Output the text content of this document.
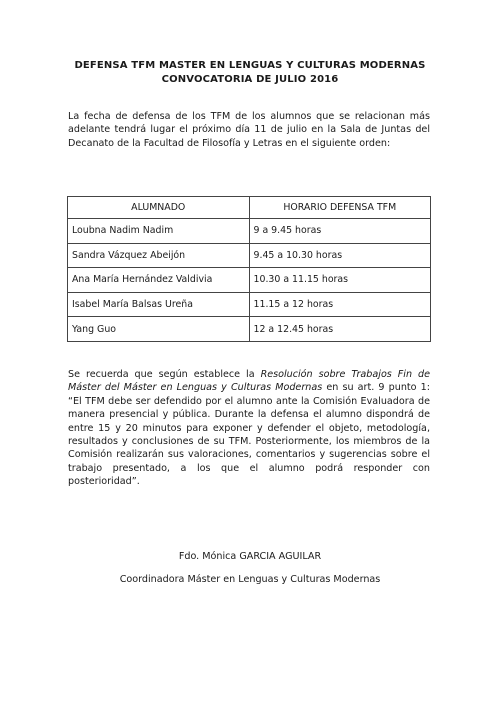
DEFENSA TFM MASTER EN LENGUAS Y CULTURAS MODERNAS
CONVOCATORIA DE JULIO 2016
La fecha de defensa de los TFM de los alumnos que se relacionan más adelante tendrá lugar el próximo día 11 de julio en la Sala de Juntas del Decanato de la Facultad de Filosofía y Letras en el siguiente orden:
ALUMNADO	HORARIO DEFENSA TFM
Loubna Nadim Nadim	9 a 9.45 horas
Sandra Vázquez Abeijón	9.45 a 10.30 horas
Ana María Hernández Valdivia	10.30 a 11.15 horas
Isabel María Balsas Ureña	11.15 a 12 horas
Yang Guo	12 a 12.45 horas
Se recuerda que según establece la Resolución sobre Trabajos Fin de Máster del Máster en Lenguas y Culturas Modernas en su art. 9 punto 1: “El TFM debe ser defendido por el alumno ante la Comisión Evaluadora de manera presencial y pública. Durante la defensa el alumno dispondrá de entre 15 y 20 minutos para exponer y defender el objeto, metodología, resultados y conclusiones de su TFM. Posteriormente, los miembros de la Comisión realizarán sus valoraciones, comentarios y sugerencias sobre el trabajo presentado, a los que el alumno podrá responder con posterioridad”.
Fdo. Mónica GARCIA AGUILAR
Coordinadora Máster en Lenguas y Culturas Modernas
